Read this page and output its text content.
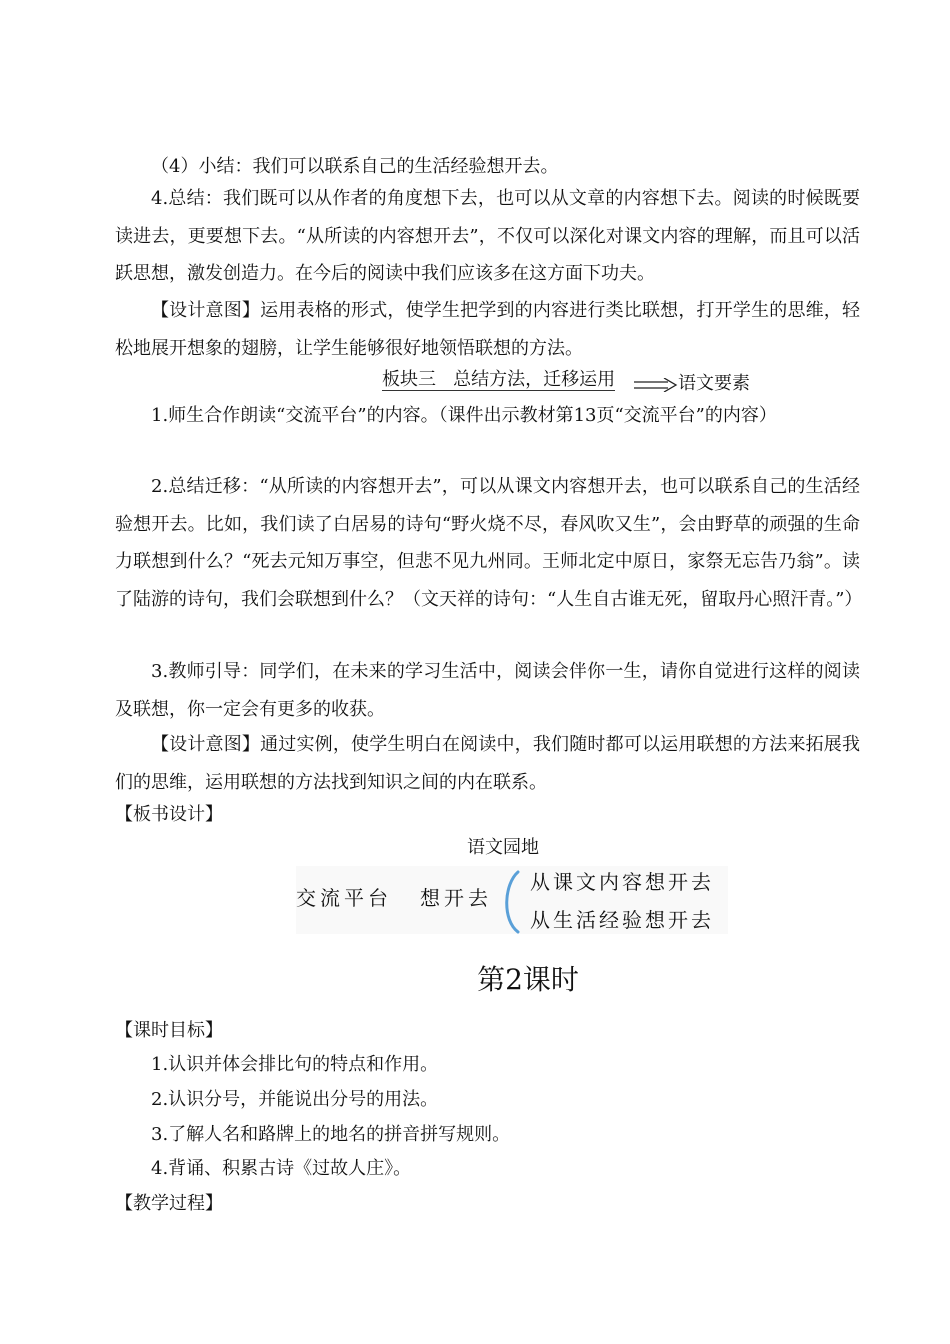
（4）小结：我们可以联系自己的生活经验想开去。

4.总结：我们既可以从作者的角度想下去，也可以从文章的内容想下去。阅读的时候既要读进去，更要想下去。“从所读的内容想开去”，不仅可以深化对课文内容的理解，而且可以活跃思想，激发创造力。在今后的阅读中我们应该多在这方面下功夫。

【设计意图】运用表格的形式，使学生把学到的内容进行类比联想，打开学生的思维，轻松地展开想象的翅膀，让学生能够很好地领悟联想的方法。

板块三 总结方法，迁移运用	语文要素

1.师生合作朗读“交流平台”的内容。（课件出示教材第13页“交流平台”的内容）

2.总结迁移：“从所读的内容想开去”，可以从课文内容想开去，也可以联系自己的生活经验想开去。比如，我们读了白居易的诗句“野火烧不尽，春风吹又生”，会由野草的顽强的生命力联想到什么？“死去元知万事空，但悲不见九州同。王师北定中原日，家祭无忘告乃翁”。读了陆游的诗句，我们会联想到什么？（文天祥的诗句：“人生自古谁无死，留取丹心照汗青。”）

3.教师引导：同学们，在未来的学习生活中，阅读会伴你一生，请你自觉进行这样的阅读及联想，你一定会有更多的收获。

【设计意图】通过实例，使学生明白在阅读中，我们随时都可以运用联想的方法来拓展我们的思维，运用联想的方法找到知识之间的内在联系。

【板书设计】

语文园地
交流平台 想开去
从课文内容想开去
从生活经验想开去
第2课时

【课时目标】

1.认识并体会排比句的特点和作用。

2.认识分号，并能说出分号的用法。

3.了解人名和路牌上的地名的拼音拼写规则。

4.背诵、积累古诗《过故人庄》。

【教学过程】
